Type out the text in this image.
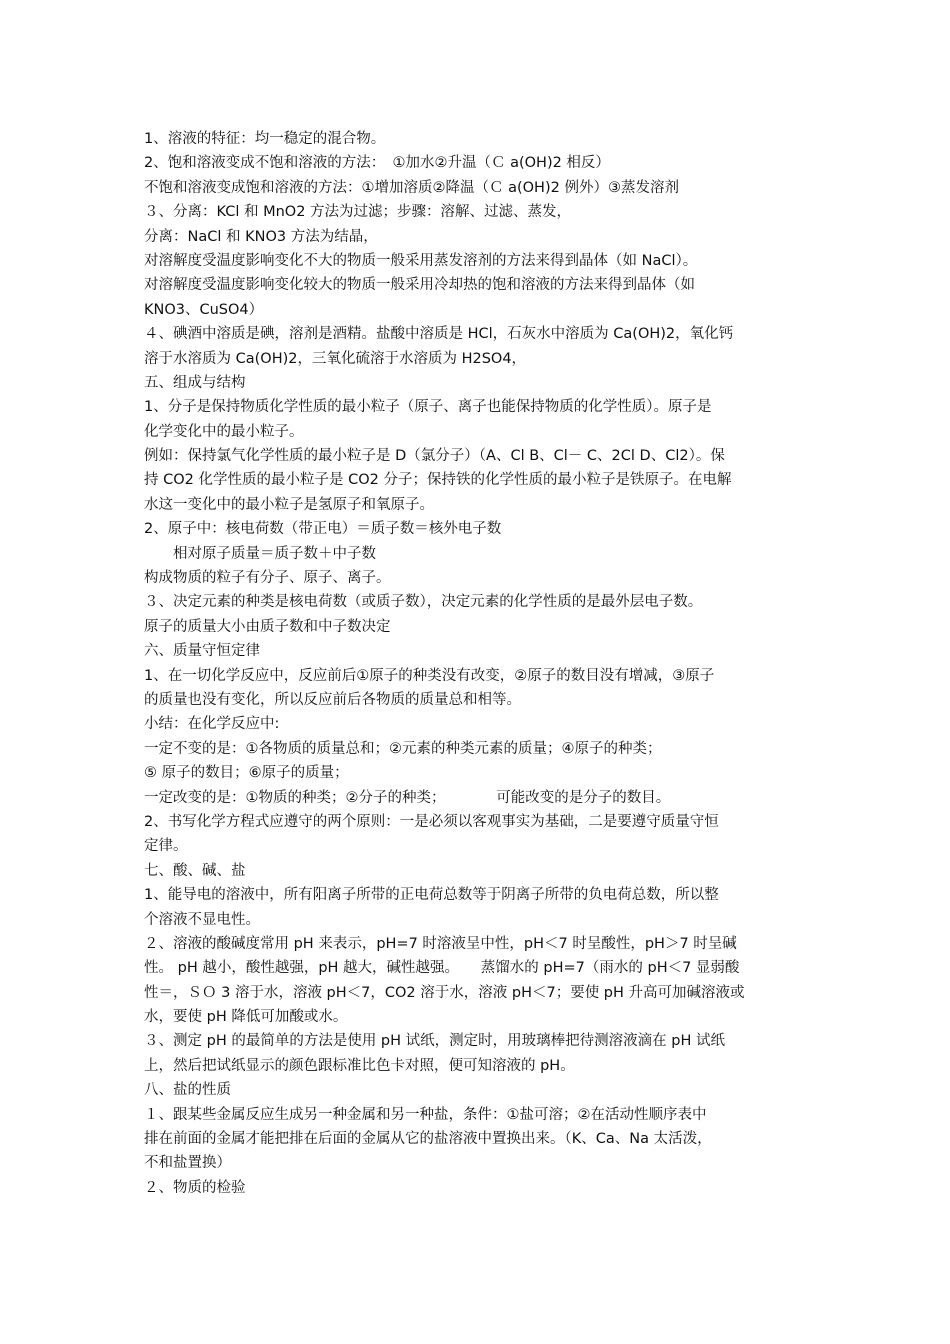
1、溶液的特征：均一稳定的混合物。
2、饱和溶液变成不饱和溶液的方法：　①加水②升温（Ｃ a(OH)2 相反）
不饱和溶液变成饱和溶液的方法：①增加溶质②降温（Ｃ a(OH)2 例外）③蒸发溶剂
３、分离：KCl 和 MnO2 方法为过滤；步骤：溶解、过滤、蒸发，
分离：NaCl 和 KNO3 方法为结晶，
对溶解度受温度影响变化不大的物质一般采用蒸发溶剂的方法来得到晶体（如 NaCl）。
对溶解度受温度影响变化较大的物质一般采用冷却热的饱和溶液的方法来得到晶体（如
KNO3、CuSO4）
４、碘酒中溶质是碘，溶剂是酒精。盐酸中溶质是 HCl，石灰水中溶质为 Ca(OH)2，氧化钙
溶于水溶质为 Ca(OH)2，三氧化硫溶于水溶质为 H2SO4，
五、组成与结构
1、分子是保持物质化学性质的最小粒子（原子、离子也能保持物质的化学性质）。原子是
化学变化中的最小粒子。
例如：保持氯气化学性质的最小粒子是 D（氯分子）（A、Cl B、Cl－ C、2Cl D、Cl2）。保
持 CO2 化学性质的最小粒子是 CO2 分子；保持铁的化学性质的最小粒子是铁原子。在电解
水这一变化中的最小粒子是氢原子和氧原子。
2、原子中：核电荷数（带正电）＝质子数＝核外电子数
　　相对原子质量＝质子数＋中子数
构成物质的粒子有分子、原子、离子。
３、决定元素的种类是核电荷数（或质子数），决定元素的化学性质的是最外层电子数。
原子的质量大小由质子数和中子数决定
六、质量守恒定律
1、在一切化学反应中，反应前后①原子的种类没有改变，②原子的数目没有增减，③原子
的质量也没有变化，所以反应前后各物质的质量总和相等。
小结：在化学反应中:
一定不变的是：①各物质的质量总和；②元素的种类元素的质量；④原子的种类；
⑤ 原子的数目；⑥原子的质量；
一定改变的是：①物质的种类；②分子的种类；　　　　可能改变的是分子的数目。
2、书写化学方程式应遵守的两个原则：一是必须以客观事实为基础，二是要遵守质量守恒
定律。
七、酸、碱、盐
1、能导电的溶液中，所有阳离子所带的正电荷总数等于阴离子所带的负电荷总数，所以整
个溶液不显电性。
２、溶液的酸碱度常用 pH 来表示，pH=7 时溶液呈中性，pH＜7 时呈酸性，pH＞7 时呈碱
性。 pH 越小，酸性越强，pH 越大，碱性越强。　　蒸馏水的 pH=7（雨水的 pH＜7 显弱酸
性＝，ＳＯ 3 溶于水，溶液 pH＜7，CO2 溶于水，溶液 pH＜7；要使 pH 升高可加碱溶液或
水，要使 pH 降低可加酸或水。
３、测定 pH 的最简单的方法是使用 pH 试纸，测定时，用玻璃棒把待测溶液滴在 pH 试纸
上，然后把试纸显示的颜色跟标准比色卡对照，便可知溶液的 pH。
八、盐的性质
１、跟某些金属反应生成另一种金属和另一种盐，条件：①盐可溶；②在活动性顺序表中
排在前面的金属才能把排在后面的金属从它的盐溶液中置换出来。（K、Ca、Na 太活泼，
不和盐置换）
２、物质的检验
